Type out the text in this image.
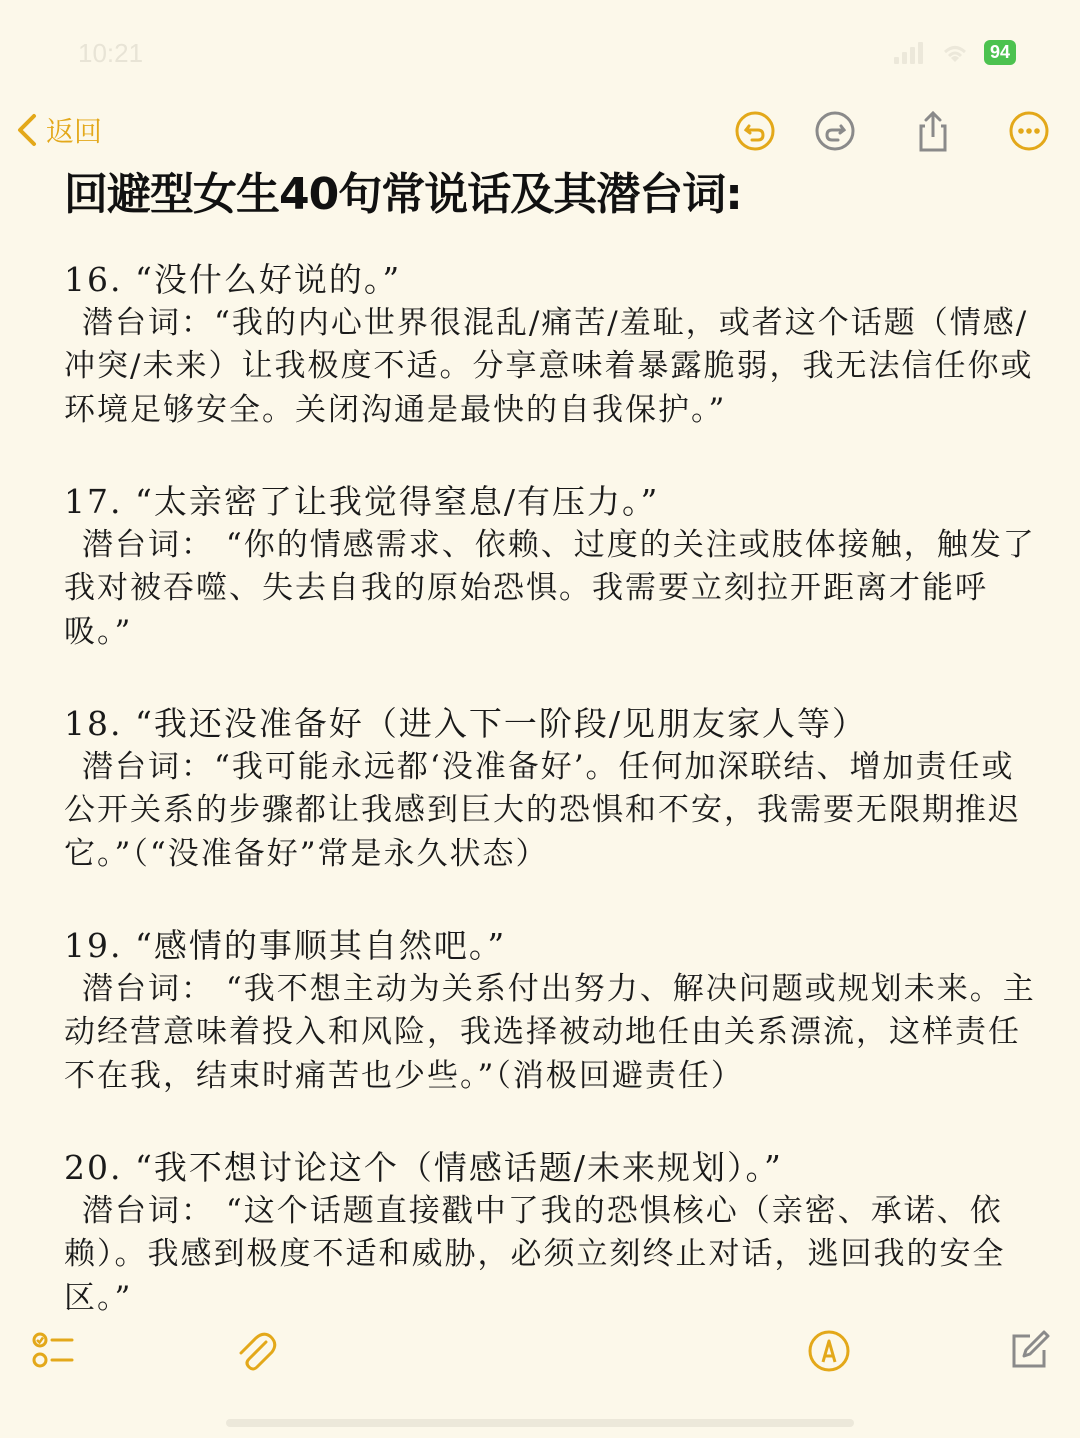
10:21	94
返回
回避型女生40句常说话及其潜台词:
16. “没什么好说的。”
潜台词：“我的内心世界很混乱/痛苦/羞耻，或者这个话题（情感/冲突/未来）让我极度不适。分享意味着暴露脆弱，我无法信任你或环境足够安全。关闭沟通是最快的自我保护。”
17. “太亲密了让我觉得窒息/有压力。”
潜台词： “你的情感需求、依赖、过度的关注或肢体接触，触发了我对被吞噬、失去自我的原始恐惧。我需要立刻拉开距离才能呼吸。”
18. “我还没准备好（进入下一阶段/见朋友家人等）
潜台词：“我可能永远都‘没准备好’。任何加深联结、增加责任或公开关系的步骤都让我感到巨大的恐惧和不安，我需要无限期推迟它。”（“没准备好”常是永久状态）
19. “感情的事顺其自然吧。”
潜台词： “我不想主动为关系付出努力、解决问题或规划未来。主动经营意味着投入和风险，我选择被动地任由关系漂流，这样责任不在我，结束时痛苦也少些。”（消极回避责任）
20. “我不想讨论这个（情感话题/未来规划）。”
潜台词： “这个话题直接戳中了我的恐惧核心（亲密、承诺、依赖）。我感到极度不适和威胁，必须立刻终止对话，逃回我的安全区。”
